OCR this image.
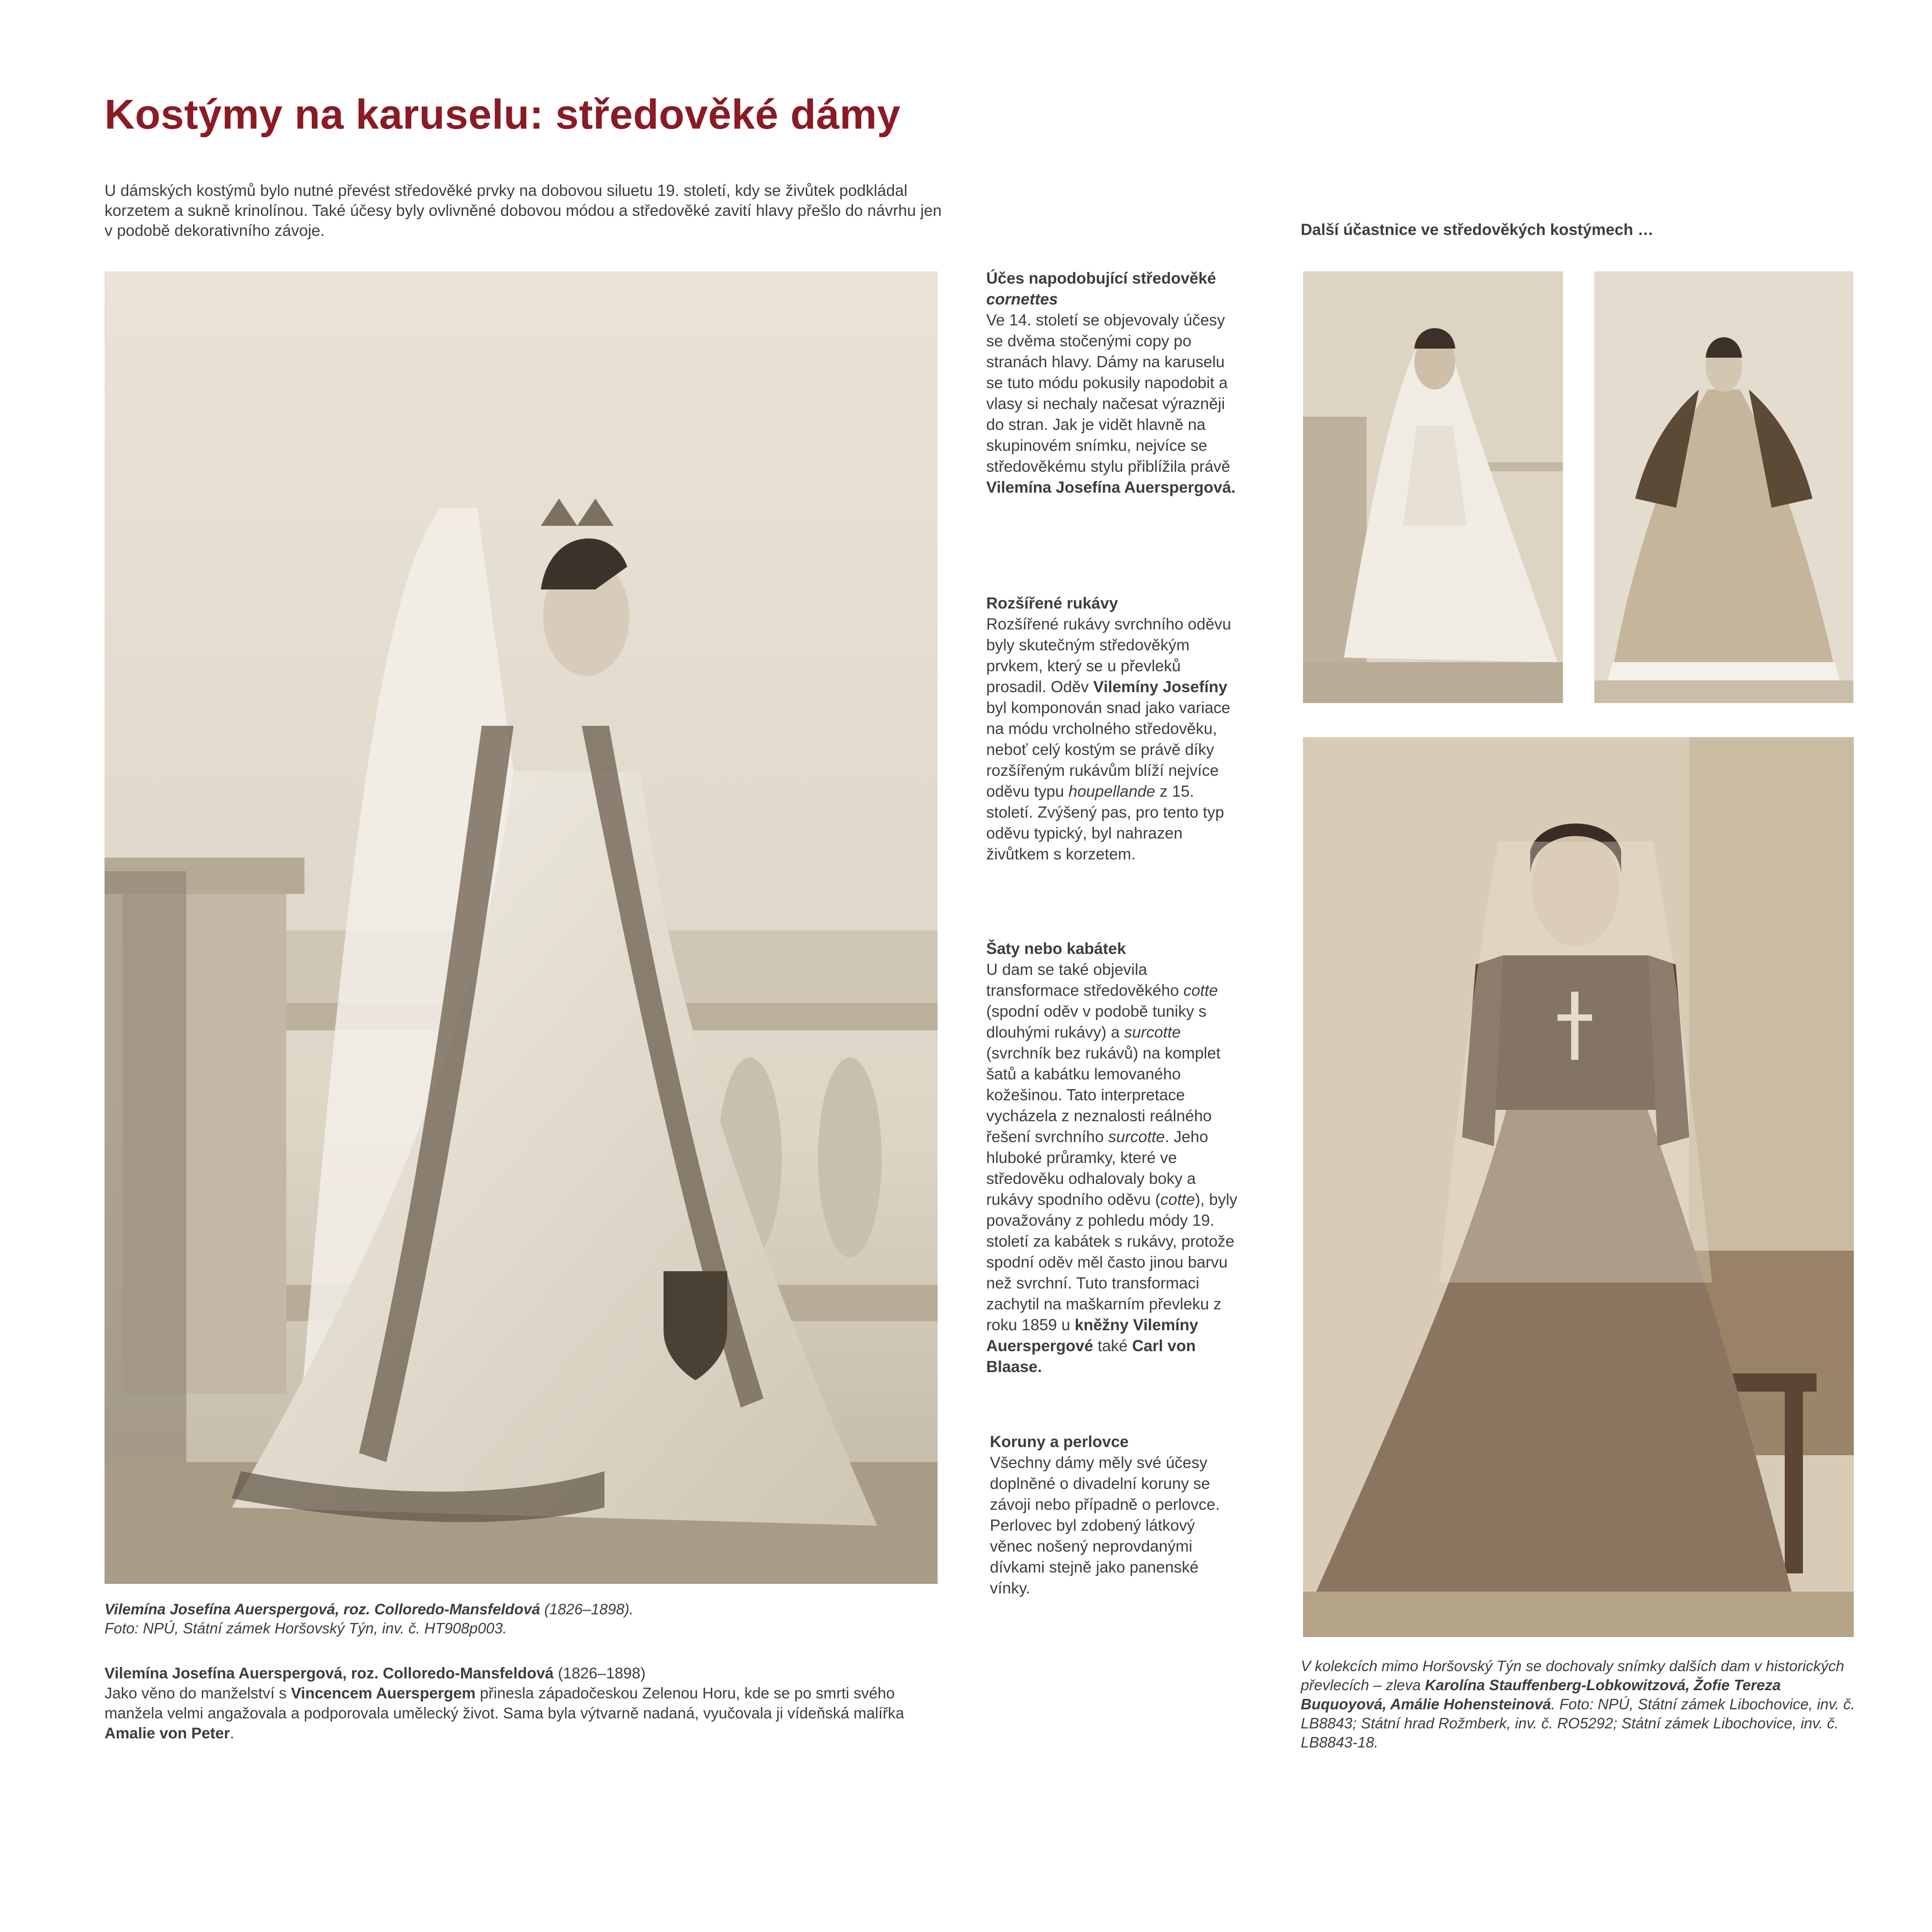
Kostýmy na karuselu: středověké dámy

U dámských kostýmů bylo nutné převést středověké prvky na dobovou siluetu 19. století, kdy se živůtek podkládal korzetem a sukně krinolínou. Také účesy byly ovlivněné dobovou módou a středověké zavití hlavy přešlo do návrhu jen v podobě dekorativního závoje.

Účes napodobující středověké
cornettes
Ve 14. století se objevovaly účesy se dvěma stočenými copy po stranách hlavy. Dámy na karuselu se tuto módu pokusily napodobit a vlasy si nechaly načesat výrazněji do stran. Jak je vidět hlavně na skupinovém snímku, nejvíce se středověkému stylu přiblížila právě Vilemína Josefína Auerspergová.
Rozšířené rukávy
Rozšířené rukávy svrchního oděvu byly skutečným středověkým prvkem, který se u převleků prosadil. Oděv Vilemíny Josefíny byl komponován snad jako variace na módu vrcholného středověku, neboť celý kostým se právě díky rozšířeným rukávům blíží nejvíce oděvu typu houpellande z 15. století. Zvýšený pas, pro tento typ oděvu typický, byl nahrazen živůtkem s korzetem.
Šaty nebo kabátek
U dam se také objevila transformace středověkého cotte (spodní oděv v podobě tuniky s dlouhými rukávy) a surcotte (svrchník bez rukávů) na komplet šatů a kabátku lemovaného kožešinou. Tato interpretace vycházela z neznalosti reálného řešení svrchního surcotte. Jeho hluboké průramky, které ve středověku odhalovaly boky a rukávy spodního oděvu (cotte), byly považovány z pohledu módy 19. století za kabátek s rukávy, protože spodní oděv měl často jinou barvu než svrchní. Tuto transformaci zachytil na maškarním převleku z roku 1859 u kněžny Vilemíny Auerspergové také Carl von Blaase.
Koruny a perlovce
Všechny dámy měly své účesy doplněné o divadelní koruny se závoji nebo případně o perlovce. Perlovec byl zdobený látkový věnec nošený neprovdanými dívkami stejně jako panenské vínky.
Další účastnice ve středověkých kostýmech …
Vilemína Josefína Auerspergová, roz. Colloredo-Mansfeldová (1826–1898).
Foto: NPÚ, Státní zámek Horšovský Týn, inv. č. HT908p003.
Vilemína Josefína Auerspergová, roz. Colloredo-Mansfeldová (1826–1898)
Jako věno do manželství s Vincencem Auerspergem přinesla západočeskou Zelenou Horu, kde se po smrti svého manžela velmi angažovala a podporovala umělecký život. Sama byla výtvarně nadaná, vyučovala ji vídeňská malířka Amalie von Peter.
V kolekcích mimo Horšovský Týn se dochovaly snímky dalších dam v historických převlecích – zleva Karolína Stauffenberg-Lobkowitzová, Žofie Tereza Buquoyová, Amálie Hohensteinová. Foto: NPÚ, Státní zámek Libochovice, inv. č. LB8843; Státní hrad Rožmberk, inv. č. RO5292; Státní zámek Libochovice, inv. č. LB8843-18.
